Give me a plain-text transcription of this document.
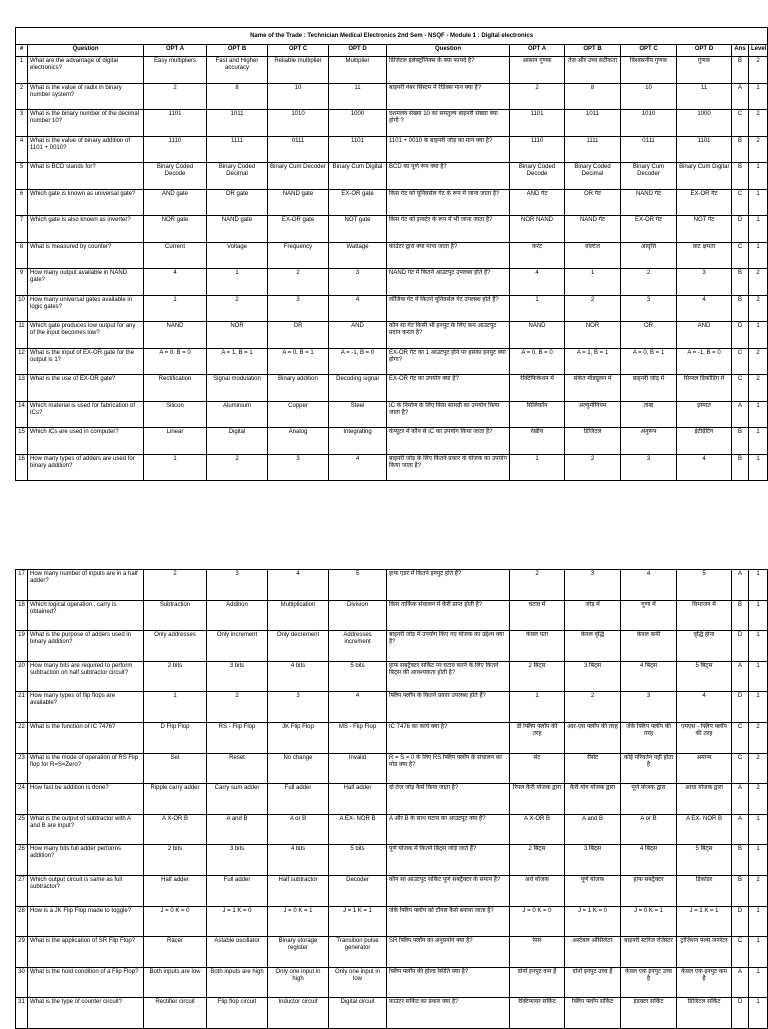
Name of the Trade : Technician Medical Electronics 2nd Sem - NSQF - Module 1 : Digital electronics												
#	Question	OPT A	OPT B	OPT C	OPT D	Question	OPT A	OPT B	OPT C	OPT D	Ans	Level
1	What are the advantage of digital electronics?	Easy multipliers	Fast and Higher accuracy	Reliable multiplier	Multiplier	डिजिटल इलेक्ट्रॉनिक्स के क्या फायदे है?	आसान गुणक	तेज़ और उच्च सटीकता	विश्वसनीय गुणक	गुणक	B	2
2	What is the value of radix in binary number system?	2	8	10	11	बाइनरी नंबर सिस्टम में रेडिक्स मान क्या है?	2	8	10	11	A	1
3	What is the binary number of the decimal number 10?	1101	1011	1010	1000	दशमलव संख्या 10 का समतुल्य बाइनरी संख्या क्या होगी ?	1101	1011	1010	1000	C	2
4	What is the value of binary addition of 1101 + 0010?	1110	1111	0111	1101	1101 + 0010 के बाइनरी जोड़ का मान क्या है?	1110	1111	0111	1101	B	2
5	What is BCD stands for?	Binary Coded Decode	Binary Coded Decimal	Binary Cum Decoder	Binary Cum Digital	BCD का पूर्ण रूप क्या है?	Binary Coded Decode	Binary Coded Decimal	Binary Cum Decoder	Binary Cum Digital	B	1
6	Which gate is known as universal gate?	AND gate	OR gate	NAND gate	EX-OR gate	किस गेट को यूनिवर्सल गेट के रूप में जाना जाता है?	AND गेट	OR गेट	NAND गेट	EX-OR गेट	C	1
7	Which gate is also known as inverter?	NOR gate	NAND gate	EX-OR gate	NOT gate	किस गेट को इन्वर्टर के रूप में भी जाना जाता है?	NOR NAND	NAND गेट	EX-OR गेट	NOT गेट	D	1
8	What is measured by counter?	Current	Voltage	Frequency	Wattage	काउंटर द्वारा क्या मापा जाता है?	करंट	वोल्टेज	आवृत्ति	वाट क्षमता	C	1
9	How many output available in NAND gate?	4	1	2	3	NAND गेट में कितने आउटपुट उपलब्ध होते हैं?	4	1	2	3	B	2
10	How many universal gates available in logic gates?	1	2	3	4	लॉजिक गेट में कितने यूनिवर्सल गेट उपलब्ध होते हैं?	1	2	3	4	B	2
11	Which gate produces low output for any of the input becomes low?	NAND	NOR	OR	AND	कौन सा गेट किसी भी इनपुट के लिए कम आउटपुट प्रदान करता है?	NAND	NOR	OR	AND	D	1
12	What is the input of EX-OR gate for the output is 1?	A = 0, B = 0	A = 1, B = 1	A = 0, B = 1	A = -1, B = 0	EX-OR गेट का 1 आउटपुट होने पर इसका इनपुट क्या होगा?	A = 0, B = 0	A = 1, B = 1	A = 0, B = 1	A = -1, B = 0	C	2
13	What is the use of EX-OR gate?	Rectification	Signal modulation	Binary addition	Decoding signal	EX-OR गेट का उपयोग क्या है?	रेक्टिफिकेशन में	संकेत मॉड्यूलन में	बाइनरी जोड़ में	सिग्नल डिकोडिंग में	C	2
14	Which material is used for fabrication of ICs?	Silicon	Aluminium	Copper	Steel	IC के निर्माण के लिए किस सामग्री का उपयोग किया जाता है?	सिलिकॉन	अल्युमीनियम	तांबा	इस्पात	A	1
15	Which ICs are used in computer?	Linear	Digital	Analog	Integrating	कंप्यूटर में कौन से IC का उपयोग किया जाता है?	रेखीय	डिजिटल	अनुरूप	इंटीग्रेटिंग	B	1
16	How many types of adders are used for binary addition?	1	2	3	4	बाइनरी जोड़ के लिए कितने प्रकार के योजक का उपयोग किया जाता है?	1	2	3	4	B	1
17	How many number of inputs are in a half adder?	2	3	4	5	हाफ एडर में कितने इनपुट होते हैं?	2	3	4	5	A	1
18	Which logical operation , carry is obtained?	Subtraction	Addition	Multiplication	Division	किस तार्किक संचालन में कैरी प्राप्त होती है?	घटाव में	जोड़ में	गुणा में	विभाजन में	B	1
19	What is the purpose of adders used in binary addition?	Only addresses	Only increment	Only decrement	Addresses increment	बाइनरी जोड़ में उपयोग किए गए योजक का उद्देश्य क्या है?	केवल पता	केवल वृद्धि	केवल कमी	वृद्धि होना	D	1
20	How many bits are required to perform subtraction on half subtractor circuit?	2 bits	3 bits	4 bits	5 bits	हाफ सबट्रैक्टर सर्किट पर घटाव करने के लिए कितने बिट्स की आवश्यकता होती है?	2 बिट्स	3 बिट्स	4 बिट्स	5 बिट्स	A	1
21	How many types of flip flops are available?	1	2	3	4	फ्लिप फ्लॉप के कितने प्रकार उपलब्ध होते हैं?	1	2	3	4	D	1
22	What is the function of IC 7476?	D Flip Flop	RS - Flip Flop	JK Flip Flop	MS - Flip Flop	IC 7476 का कार्य क्या है?	डी फ्लिप फ्लॉप की तरह	आर-एस फ्लॉप की तरह	जेके फ्लिप फ्लॉप की तरह	एमएस - फ्लिप फ्लॉप की तरह	C	2
23	What is the mode of operation of RS Flip flop for R=S=Zero?	Set	Reset	No change	Invalid	R = S = 0 के लिए RS फ्लिप फ्लॉप के संचालन का मोड क्या है?	सेट	रीसेट	कोई परिवर्तन नहीं होता है	अमान्य	C	2
24	How fast be addition is done?	Ripple carry adder	Carry sum adder	Full adder	Half adder	दो तेज़ जोड़ कैसे किया जाता है?	रिपल कैरी योजक द्वारा	कैरी योग योजक द्वारा	पूर्ण योजक द्वारा	आधा योजक द्वारा	A	2
25	What is the output of subtractor with A and B are input?	A X-OR B	A and B	A or B	A EX- NOR B	A और B के साथ घटाव का आउटपुट क्या है?	A X-OR B	A and B	A or B	A EX- NOR B	A	1
26	How many bits full adder performs addition?	2 bits	3 bits	4 bits	5 bits	पूर्ण योजक में कितने बिट्स जोड़े जाते हैं?	2 बिट्स	3 बिट्स	4 बिट्स	5 बिट्स	B	1
27	Which output circuit is same as full subtractor?	Half adder	Full adder	Half subtractor	Decoder	कौन सा आउटपुट सर्किट पूर्ण सबट्रैक्टर के समान है?	अर्ध योजक	पूर्ण योजक	हाफ सबट्रैक्टर	डिकोडर	B	2
28	How is a JK Flip Flop made to toggle?	J = 0 K = 0	J = 1 K = 0	J = 0 K = 1	J = 1 K = 1	जेके फ्लिप फ्लॉप को टॉगल कैसे बनाया जाता है?	J = 0 K = 0	J = 1 K = 0	J = 0 K = 1	J = 1 K = 1	D	1
29	What is the application of SR Flip Flop?	Racer	Astable oscillator	Binary storage register	Transition pulse generator	SR फ्लिप फ्लॉप का अनुप्रयोग क्या है?	रेसर	अस्टेबल ऑसिलेटर	बाइनरी स्टोरेज रजिस्टर	ट्रांज़िशन पल्स जनरेटर	C	1
30	What is the hold condition of a Flip Flop?	Both inputs are low	Both inputs are high	Only one input in high	Only one input in low	फ्लिप फ्लॉप की होल्ड स्थिति क्या है?	दोनों इनपुट कम हैं	दोनों इनपुट उच्च हैं	केवल एक इनपुट उच्च है	केवल एक इनपुट कम है	A	1
31	What is the type of counter circuit?	Rectifier circuit	Flip flop circuit	Inductor circuit	Digital circuit	काउंटर सर्किट का प्रकार क्या है?	रेक्टिफायर सर्किट	फ्लिप फ्लॉप सर्किट	इंडक्टर सर्किट	डिजिटल सर्किट	D	1
